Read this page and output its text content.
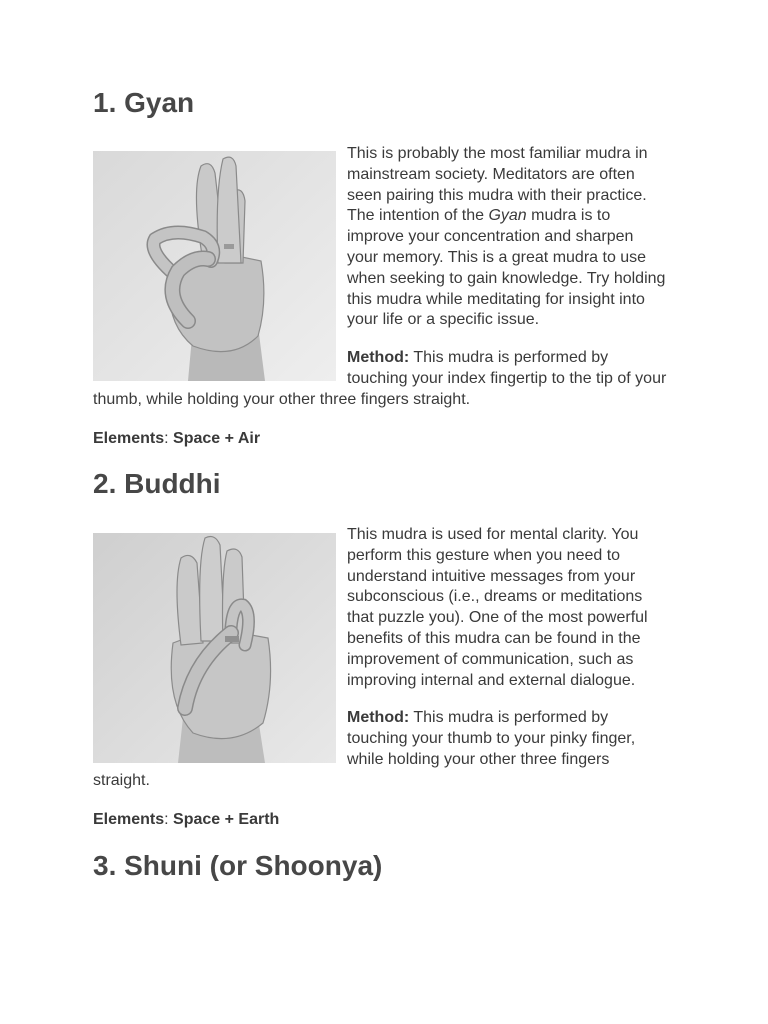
1. Gyan

This is probably the most familiar mudra in mainstream society. Meditators are often seen pairing this mudra with their practice. The intention of the Gyan mudra is to improve your concentration and sharpen your memory. This is a great mudra to use when seeking to gain knowledge. Try holding this mudra while meditating for insight into your life or a specific issue.

Method: This mudra is performed by touching your index fingertip to the tip of your thumb, while holding your other three fingers straight.

Elements: Space + Air

2. Buddhi

This mudra is used for mental clarity. You perform this gesture when you need to understand intuitive messages from your subconscious (i.e., dreams or meditations that puzzle you). One of the most powerful benefits of this mudra can be found in the improvement of communication, such as improving internal and external dialogue.

Method: This mudra is performed by touching your thumb to your pinky finger, while holding your other three fingers straight.

Elements: Space + Earth

3. Shuni (or Shoonya)
